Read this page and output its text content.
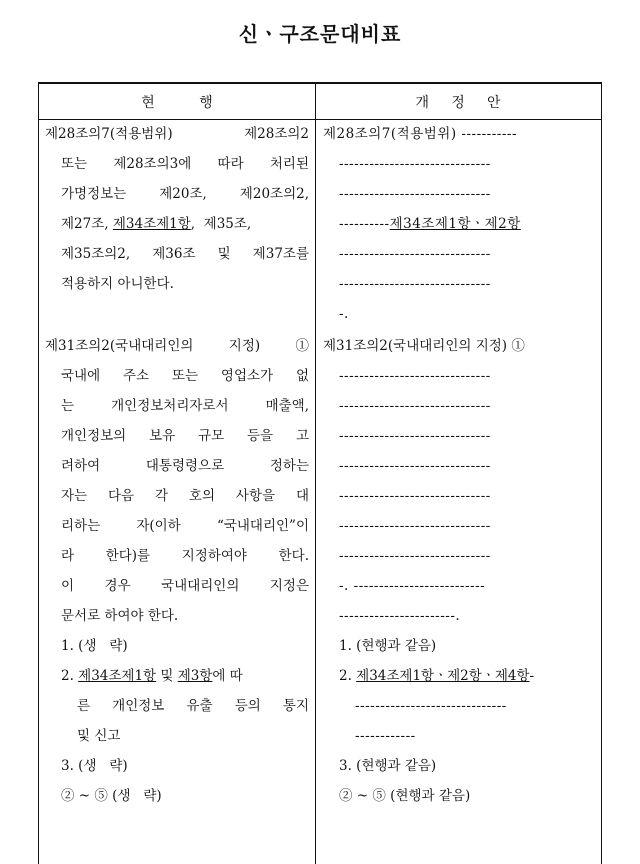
신ㆍ구조문대비표
현          행	개     정     안
제28조의7(적용범위) 제28조의2
또는 제28조의3에 따라 처리된
가명정보는 제20조, 제20조의2,
제27조, 제34조제1항,  제35조,
제35조의2, 제36조 및 제37조를
적용하지 아니한다.
제31조의2(국내대리인의 지정) ①
국내에 주소 또는 영업소가 없
는 개인정보처리자로서 매출액,
개인정보의 보유 규모 등을 고
려하여 대통령령으로 정하는
자는 다음 각 호의 사항을 대
리하는 자(이하 “국내대리인”이
라 한다)를 지정하여야 한다.
이 경우 국내대리인의 지정은
문서로 하여야 한다.
1. (생   략)
2. 제34조제1항 및 제3항에 따
른 개인정보 유출 등의 통지
및 신고
3. (생   략)
② ~ ⑤ (생   략)
제28조의7(적용범위) -----------
------------------------------
------------------------------
----------제34조제1항ㆍ제2항
------------------------------
------------------------------
-.
제31조의2(국내대리인의 지정) ①
------------------------------
------------------------------
------------------------------
------------------------------
------------------------------
------------------------------
------------------------------
-. --------------------------
-----------------------.
1. (현행과 같음)
2. 제34조제1항ㆍ제2항ㆍ제4항-
------------------------------
------------
3. (현행과 같음)
② ~ ⑤ (현행과 같음)
